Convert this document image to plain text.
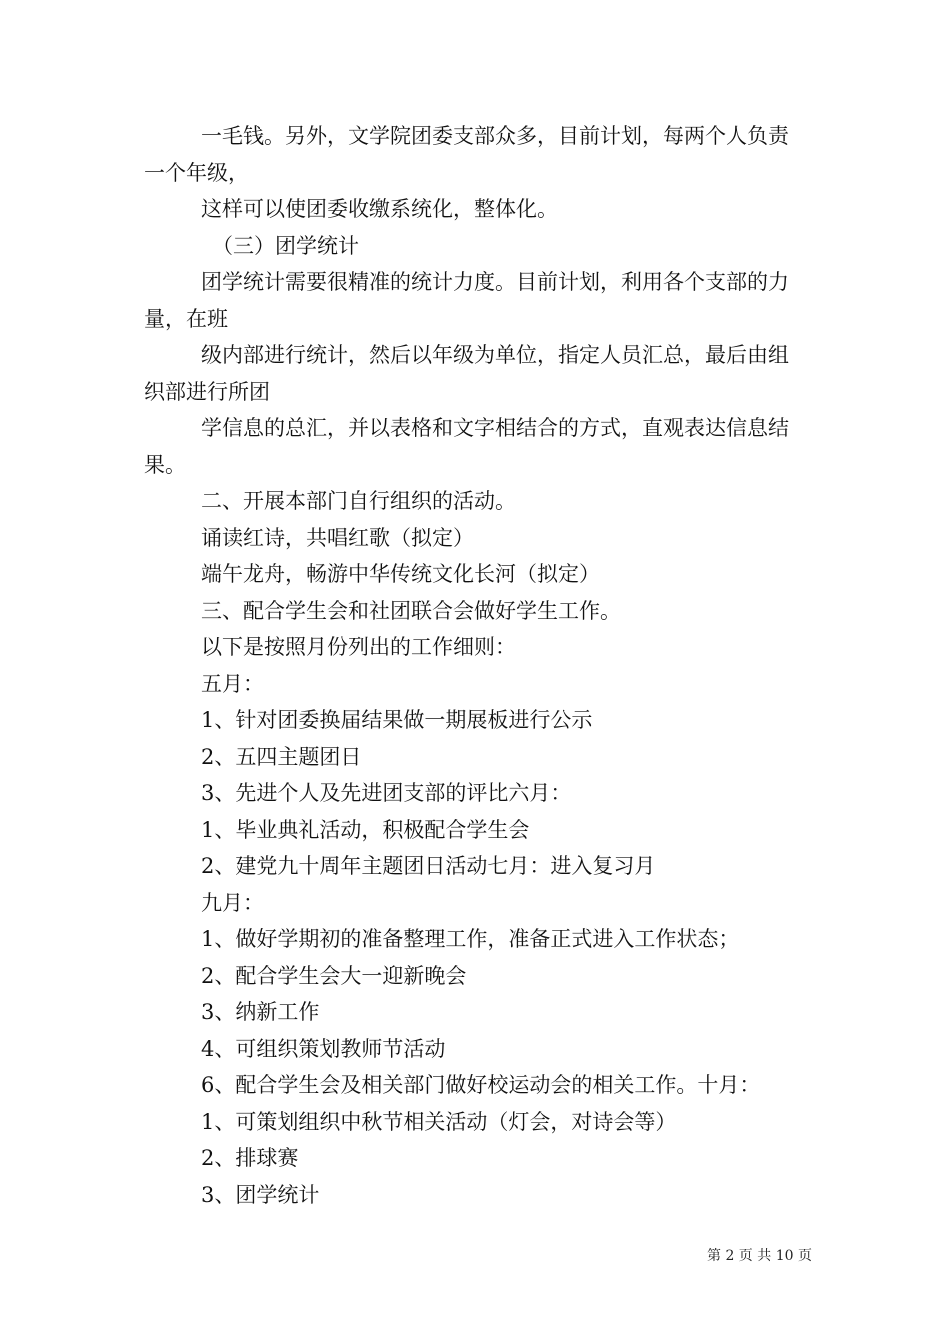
一毛钱。另外，文学院团委支部众多，目前计划，每两个人负责一个年级，

这样可以使团委收缴系统化，整体化。

（三）团学统计

团学统计需要很精准的统计力度。目前计划，利用各个支部的力量，在班

级内部进行统计，然后以年级为单位，指定人员汇总，最后由组织部进行所团

学信息的总汇，并以表格和文字相结合的方式，直观表达信息结果。

二、开展本部门自行组织的活动。

诵读红诗，共唱红歌（拟定）

端午龙舟，畅游中华传统文化长河（拟定）

三、配合学生会和社团联合会做好学生工作。

以下是按照月份列出的工作细则：

五月：

1、针对团委换届结果做一期展板进行公示

2、五四主题团日

3、先进个人及先进团支部的评比六月：

1、毕业典礼活动，积极配合学生会

2、建党九十周年主题团日活动七月：进入复习月

九月：

1、做好学期初的准备整理工作，准备正式进入工作状态；

2、配合学生会大一迎新晚会

3、纳新工作

4、可组织策划教师节活动

6、配合学生会及相关部门做好校运动会的相关工作。十月：

1、可策划组织中秋节相关活动（灯会，对诗会等）

2、排球赛

3、团学统计

第 2 页 共 10 页
